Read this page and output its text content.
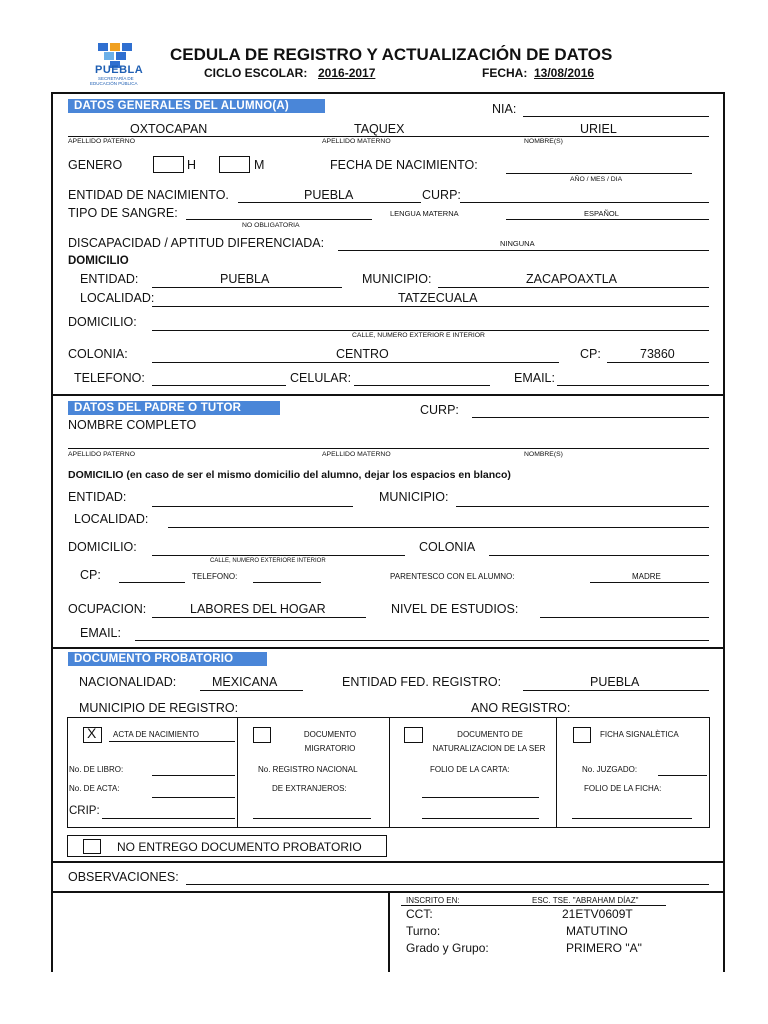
PUEBLA
SECRETARÍA DE
EDUCACIÓN PÚBLICA
CEDULA DE REGISTRO Y ACTUALIZACIÓN DE DATOS
CICLO ESCOLAR: 2016-2017	FECHA: 13/08/2016
DATOS GENERALES DEL ALUMNO(A)	NIA:
OXTOCAPAN	TAQUEX	URIEL
APELLIDO PATERNO	APELLIDO MATERNO	NOMBRE(S)
GENERO	H	M	FECHA DE NACIMIENTO:
AÑO / MES / DIA
ENTIDAD DE NACIMIENTO.	PUEBLA	CURP:
TIPO DE SANGRE:
NO OBLIGATORIA
LENGUA MATERNA	ESPAÑOL
DISCAPACIDAD / APTITUD DIFERENCIADA:	NINGUNA
DOMICILIO
ENTIDAD:	PUEBLA	MUNICIPIO:	ZACAPOAXTLA
LOCALIDAD:	TATZECUALA
DOMICILIO:
CALLE, NUMERO EXTERIOR E INTERIOR
COLONIA:	CENTRO	CP:	73860
TELEFONO:	CELULAR:	EMAIL:
DATOS DEL PADRE O TUTOR	CURP:
NOMBRE COMPLETO
APELLIDO PATERNO	APELLIDO MATERNO	NOMBRE(S)
DOMICILIO (en caso de ser el mismo domicilio del alumno, dejar los espacios en blanco)
ENTIDAD:	MUNICIPIO:
LOCALIDAD:
DOMICILIO:
CALLE, NUMERO EXTERIORE INTERIOR
COLONIA
CP:	TELEFONO:	PARENTESCO CON EL ALUMNO:	MADRE
OCUPACION:	LABORES DEL HOGAR	NIVEL DE ESTUDIOS:
EMAIL:
DOCUMENTO PROBATORIO
NACIONALIDAD:	MEXICANA	ENTIDAD FED. REGISTRO:	PUEBLA
MUNICIPIO DE REGISTRO:	ANO REGISTRO:
X ACTA DE NACIMIENTO
No. DE LIBRO:
No. DE ACTA:
CRIP:
DOCUMENTO
MIGRATORIO
No. REGISTRO NACIONAL
DE EXTRANJEROS:
DOCUMENTO DE
NATURALIZACION DE LA SER
FOLIO DE LA CARTA:
FICHA SIGNALÈTICA
No. JUZGADO:
FOLIO DE LA FICHA:
NO ENTREGO DOCUMENTO PROBATORIO
OBSERVACIONES:
INSCRITO EN:	ESC. TSE. "ABRAHAM DÍAZ"
CCT:	21ETV0609T
Turno:	MATUTINO
Grado y Grupo:	PRIMERO "A"
